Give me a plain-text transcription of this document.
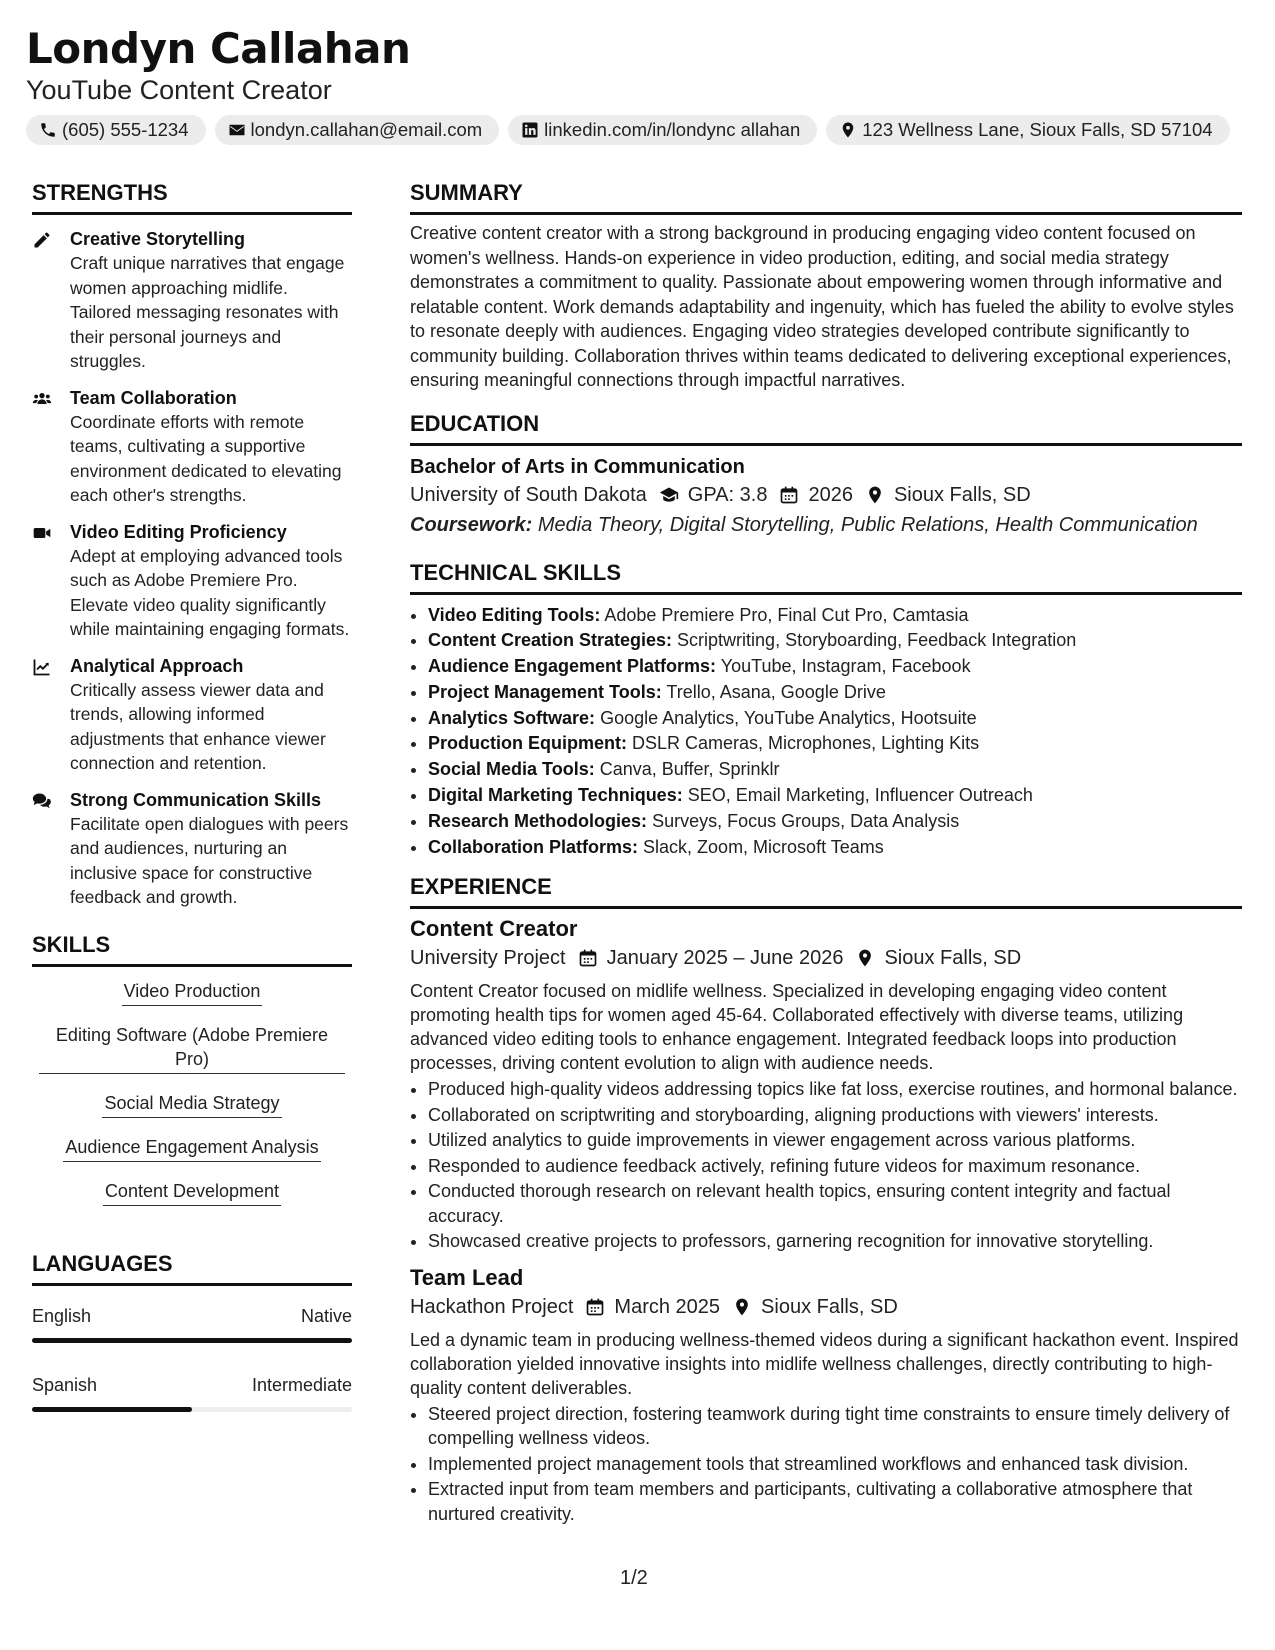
Londyn Callahan
YouTube Content Creator
(605) 555-1234	londyn.callahan@email.com	linkedin.com/in/londync allahan	123 Wellness Lane, Sioux Falls, SD 57104
STRENGTHS
Creative Storytelling
Craft unique narratives that engage women approaching midlife. Tailored messaging resonates with their personal journeys and struggles.
Team Collaboration
Coordinate efforts with remote teams, cultivating a supportive environment dedicated to elevating each other's strengths.
Video Editing Proficiency
Adept at employing advanced tools such as Adobe Premiere Pro. Elevate video quality significantly while maintaining engaging formats.
Analytical Approach
Critically assess viewer data and trends, allowing informed adjustments that enhance viewer connection and retention.
Strong Communication Skills
Facilitate open dialogues with peers and audiences, nurturing an inclusive space for constructive feedback and growth.
SKILLS
Video Production
Editing Software (Adobe Premiere Pro)
Social Media Strategy
Audience Engagement Analysis
Content Development
LANGUAGES
English	Native
Spanish	Intermediate
SUMMARY
Creative content creator with a strong background in producing engaging video content focused on women's wellness. Hands-on experience in video production, editing, and social media strategy demonstrates a commitment to quality. Passionate about empowering women through informative and relatable content. Work demands adaptability and ingenuity, which has fueled the ability to evolve styles to resonate deeply with audiences. Engaging video strategies developed contribute significantly to community building. Collaboration thrives within teams dedicated to delivering exceptional experiences, ensuring meaningful connections through impactful narratives.
EDUCATION
Bachelor of Arts in Communication
University of South Dakota GPA: 3.8 2026 Sioux Falls, SD
Coursework: Media Theory, Digital Storytelling, Public Relations, Health Communication
TECHNICAL SKILLS
• Video Editing Tools: Adobe Premiere Pro, Final Cut Pro, Camtasia
• Content Creation Strategies: Scriptwriting, Storyboarding, Feedback Integration
• Audience Engagement Platforms: YouTube, Instagram, Facebook
• Project Management Tools: Trello, Asana, Google Drive
• Analytics Software: Google Analytics, YouTube Analytics, Hootsuite
• Production Equipment: DSLR Cameras, Microphones, Lighting Kits
• Social Media Tools: Canva, Buffer, Sprinklr
• Digital Marketing Techniques: SEO, Email Marketing, Influencer Outreach
• Research Methodologies: Surveys, Focus Groups, Data Analysis
• Collaboration Platforms: Slack, Zoom, Microsoft Teams
EXPERIENCE
Content Creator
University Project January 2025 – June 2026 Sioux Falls, SD
Content Creator focused on midlife wellness. Specialized in developing engaging video content promoting health tips for women aged 45-64. Collaborated effectively with diverse teams, utilizing advanced video editing tools to enhance engagement. Integrated feedback loops into production processes, driving content evolution to align with audience needs.
• Produced high-quality videos addressing topics like fat loss, exercise routines, and hormonal balance.
• Collaborated on scriptwriting and storyboarding, aligning productions with viewers' interests.
• Utilized analytics to guide improvements in viewer engagement across various platforms.
• Responded to audience feedback actively, refining future videos for maximum resonance.
• Conducted thorough research on relevant health topics, ensuring content integrity and factual accuracy.
• Showcased creative projects to professors, garnering recognition for innovative storytelling.
Team Lead
Hackathon Project March 2025 Sioux Falls, SD
Led a dynamic team in producing wellness-themed videos during a significant hackathon event. Inspired collaboration yielded innovative insights into midlife wellness challenges, directly contributing to high-quality content deliverables.
• Steered project direction, fostering teamwork during tight time constraints to ensure timely delivery of compelling wellness videos.
• Implemented project management tools that streamlined workflows and enhanced task division.
• Extracted input from team members and participants, cultivating a collaborative atmosphere that nurtured creativity.
1/2
